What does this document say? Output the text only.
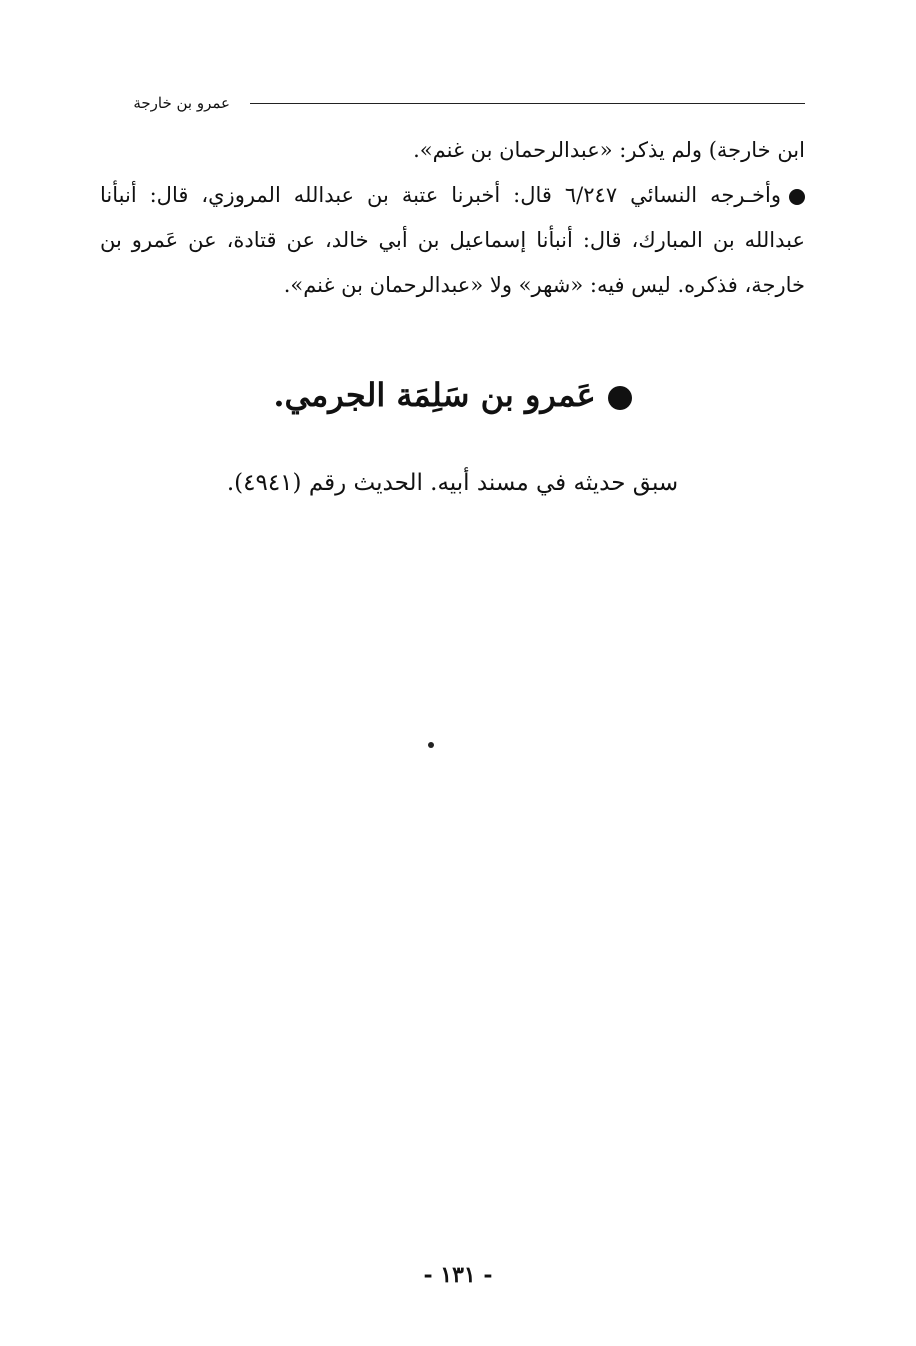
عمرو بن خارجة

ابن خارجة) ولم يذكر: «عبدالرحمان بن غنم».

وأخـرجه النسائي ٦/٢٤٧ قال: أخبرنا عتبة بن عبدالله المروزي، قال: أنبأنا عبدالله بن المبارك، قال: أنبأنا إسماعيل بن أبي خالد، عن قتادة، عن عَمرو بن خارجة، فذكره. ليس فيه: «شهر» ولا «عبدالرحمان بن غنم».

عَمرو بن سَلِمَة الجرمي.
سبق حديثه في مسند أبيه. الحديث رقم (٤٩٤١).
- ١٣١ -
